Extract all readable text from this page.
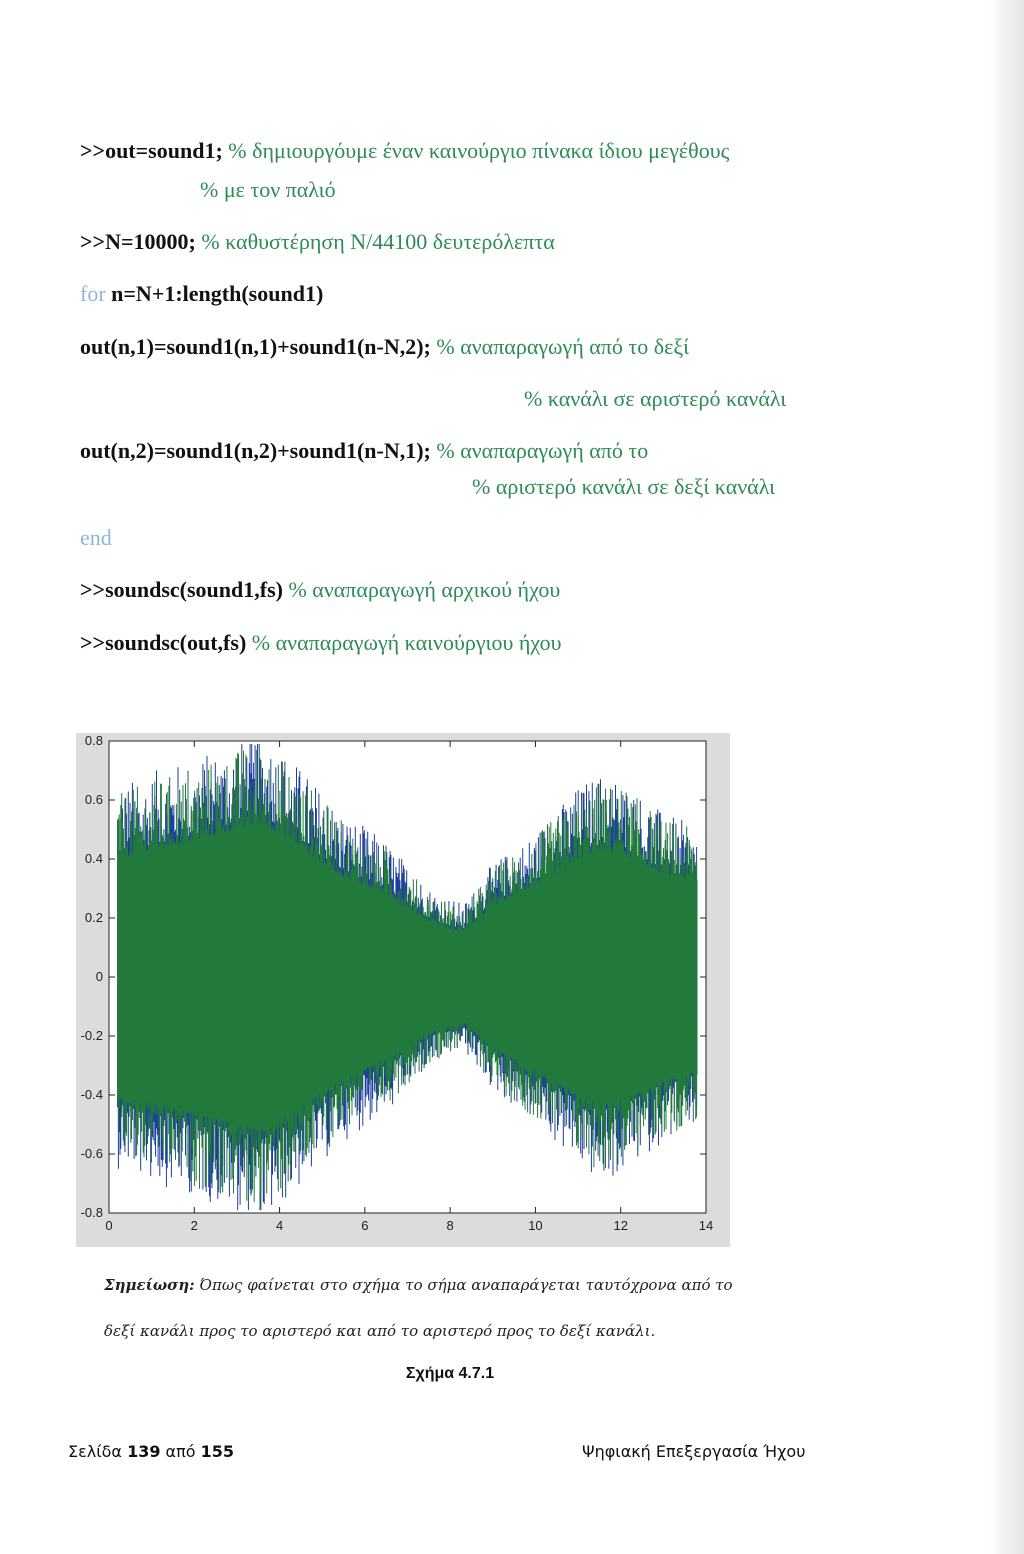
>>out=sound1; % δημιουργόυμε έναν καινούργιο πίνακα ίδιου μεγέθους
% με τον παλιό
>>N=10000; % καθυστέρηση N/44100 δευτερόλεπτα
for n=N+1:length(sound1)
out(n,1)=sound1(n,1)+sound1(n-N,2); % αναπαραγωγή από το δεξί
% κανάλι σε αριστερό κανάλι
out(n,2)=sound1(n,2)+sound1(n-N,1); % αναπαραγωγή από το
% αριστερό κανάλι σε δεξί κανάλι
end
>>soundsc(sound1,fs) % αναπαραγωγή αρχικού ήχου
>>soundsc(out,fs) % αναπαραγωγή καινούργιου ήχου
0.8
0.6
0.4
0.2
0
-0.2
-0.4
-0.6
-0.8
0	2	4	6	8	10	12	14
Σημείωση: Όπως φαίνεται στο σχήμα το σήμα αναπαράγεται ταυτόχρονα από το
δεξί κανάλι προς το αριστερό και από το αριστερό προς το δεξί κανάλι.
Σχήμα 4.7.1
Σελίδα 139 από 155	Ψηφιακή Επεξεργασία Ήχου
